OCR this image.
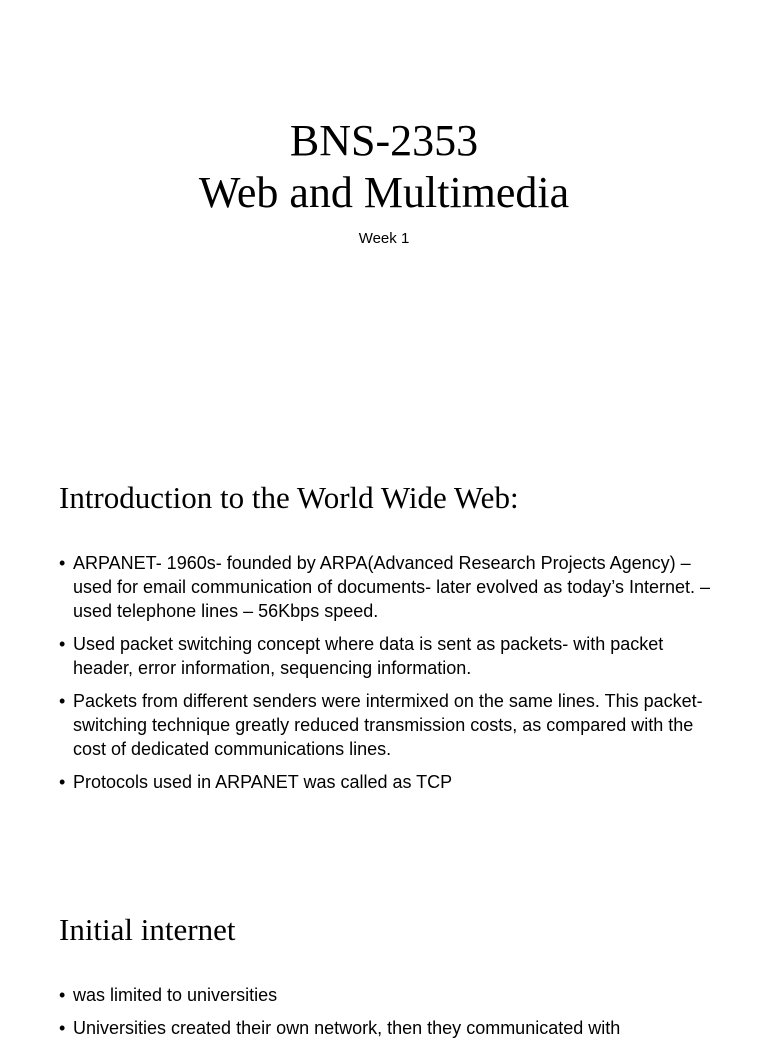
BNS-2353
Web and Multimedia
Week 1
Introduction to the World Wide Web:
• ARPANET- 1960s- founded by ARPA(Advanced Research Projects Agency) – used for email communication of documents- later evolved as today’s Internet. – used telephone lines – 56Kbps speed.
• Used packet switching concept where data is sent as packets- with packet header, error information, sequencing information.
• Packets from different senders were intermixed on the same lines. This packet-switching technique greatly reduced transmission costs, as compared with the cost of dedicated communications lines.
• Protocols used in ARPANET was called as TCP
Initial internet
• was limited to universities
• Universities created their own network, then they communicated with
